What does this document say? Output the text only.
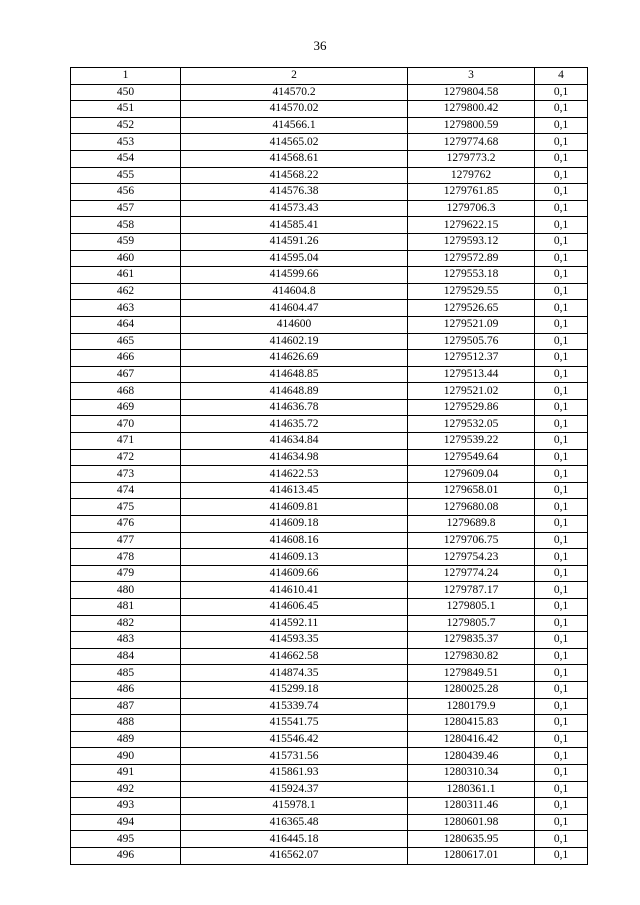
36
1	2	3	4
450	414570.2	1279804.58	0,1
451	414570.02	1279800.42	0,1
452	414566.1	1279800.59	0,1
453	414565.02	1279774.68	0,1
454	414568.61	1279773.2	0,1
455	414568.22	1279762	0,1
456	414576.38	1279761.85	0,1
457	414573.43	1279706.3	0,1
458	414585.41	1279622.15	0,1
459	414591.26	1279593.12	0,1
460	414595.04	1279572.89	0,1
461	414599.66	1279553.18	0,1
462	414604.8	1279529.55	0,1
463	414604.47	1279526.65	0,1
464	414600	1279521.09	0,1
465	414602.19	1279505.76	0,1
466	414626.69	1279512.37	0,1
467	414648.85	1279513.44	0,1
468	414648.89	1279521.02	0,1
469	414636.78	1279529.86	0,1
470	414635.72	1279532.05	0,1
471	414634.84	1279539.22	0,1
472	414634.98	1279549.64	0,1
473	414622.53	1279609.04	0,1
474	414613.45	1279658.01	0,1
475	414609.81	1279680.08	0,1
476	414609.18	1279689.8	0,1
477	414608.16	1279706.75	0,1
478	414609.13	1279754.23	0,1
479	414609.66	1279774.24	0,1
480	414610.41	1279787.17	0,1
481	414606.45	1279805.1	0,1
482	414592.11	1279805.7	0,1
483	414593.35	1279835.37	0,1
484	414662.58	1279830.82	0,1
485	414874.35	1279849.51	0,1
486	415299.18	1280025.28	0,1
487	415339.74	1280179.9	0,1
488	415541.75	1280415.83	0,1
489	415546.42	1280416.42	0,1
490	415731.56	1280439.46	0,1
491	415861.93	1280310.34	0,1
492	415924.37	1280361.1	0,1
493	415978.1	1280311.46	0,1
494	416365.48	1280601.98	0,1
495	416445.18	1280635.95	0,1
496	416562.07	1280617.01	0,1
